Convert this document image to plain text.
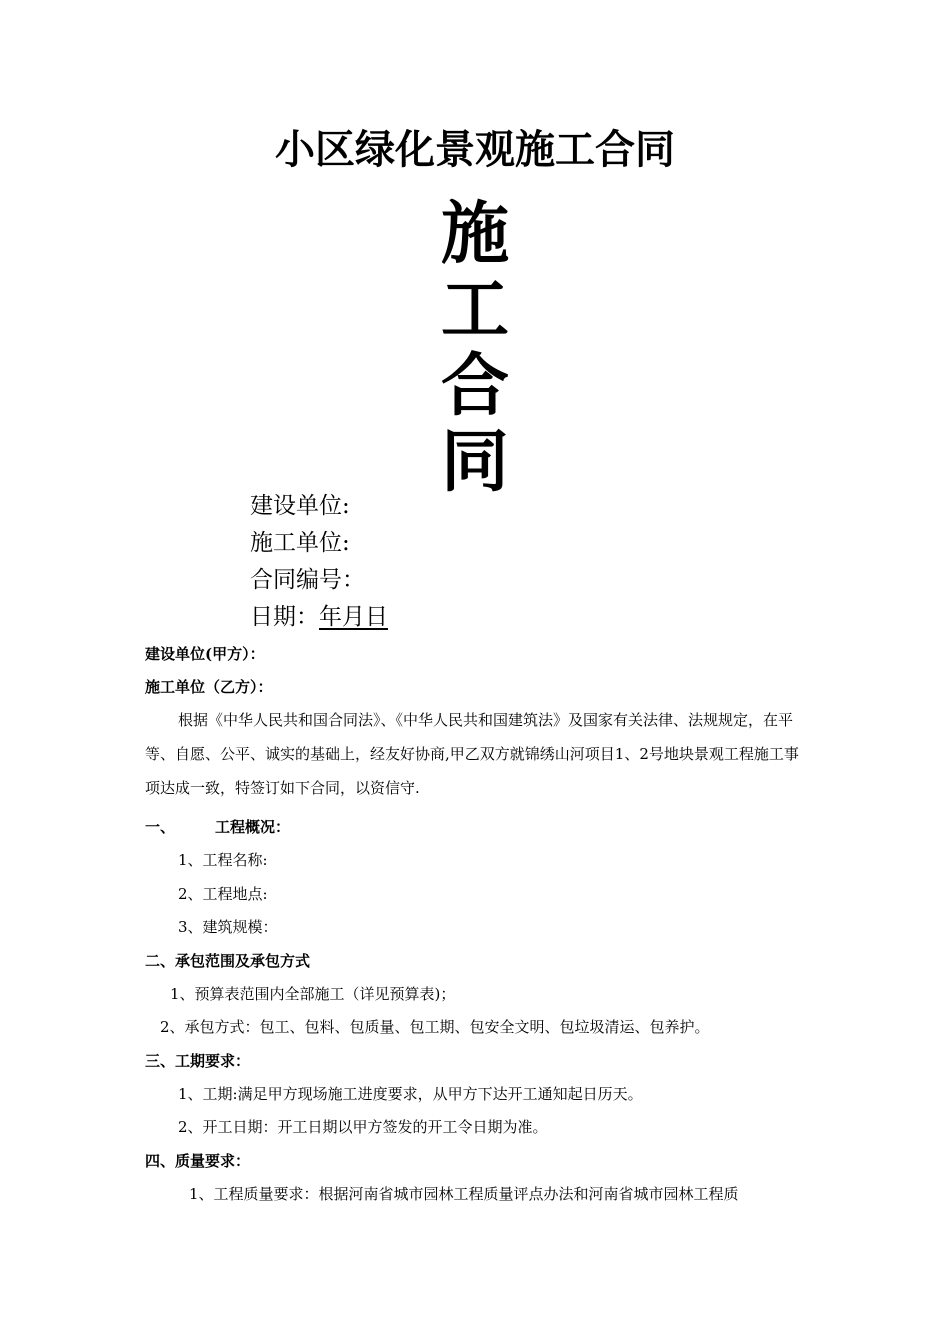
小区绿化景观施工合同
施
工
合
同
建设单位:
施工单位:
合同编号：
日期：年月日
建设单位(甲方）：
施工单位（乙方）：
根据《中华人民共和国合同法》、《中华人民共和国建筑法》及国家有关法律、法规规定，在平等、自愿、公平、诚实的基础上，经友好协商,甲乙双方就锦绣山河项目1、2号地块景观工程施工事项达成一致，特签订如下合同，以资信守.
一、	工程概况：
1、工程名称:
2、工程地点:
3、建筑规模：
二、承包范围及承包方式
1、预算表范围内全部施工（详见预算表)；
2、承包方式：包工、包料、包质量、包工期、包安全文明、包垃圾清运、包养护。
三、工期要求：
1、工期:满足甲方现场施工进度要求，从甲方下达开工通知起日历天。
2、开工日期：开工日期以甲方签发的开工令日期为准。
四、质量要求：
1、工程质量要求：根据河南省城市园林工程质量评点办法和河南省城市园林工程质
